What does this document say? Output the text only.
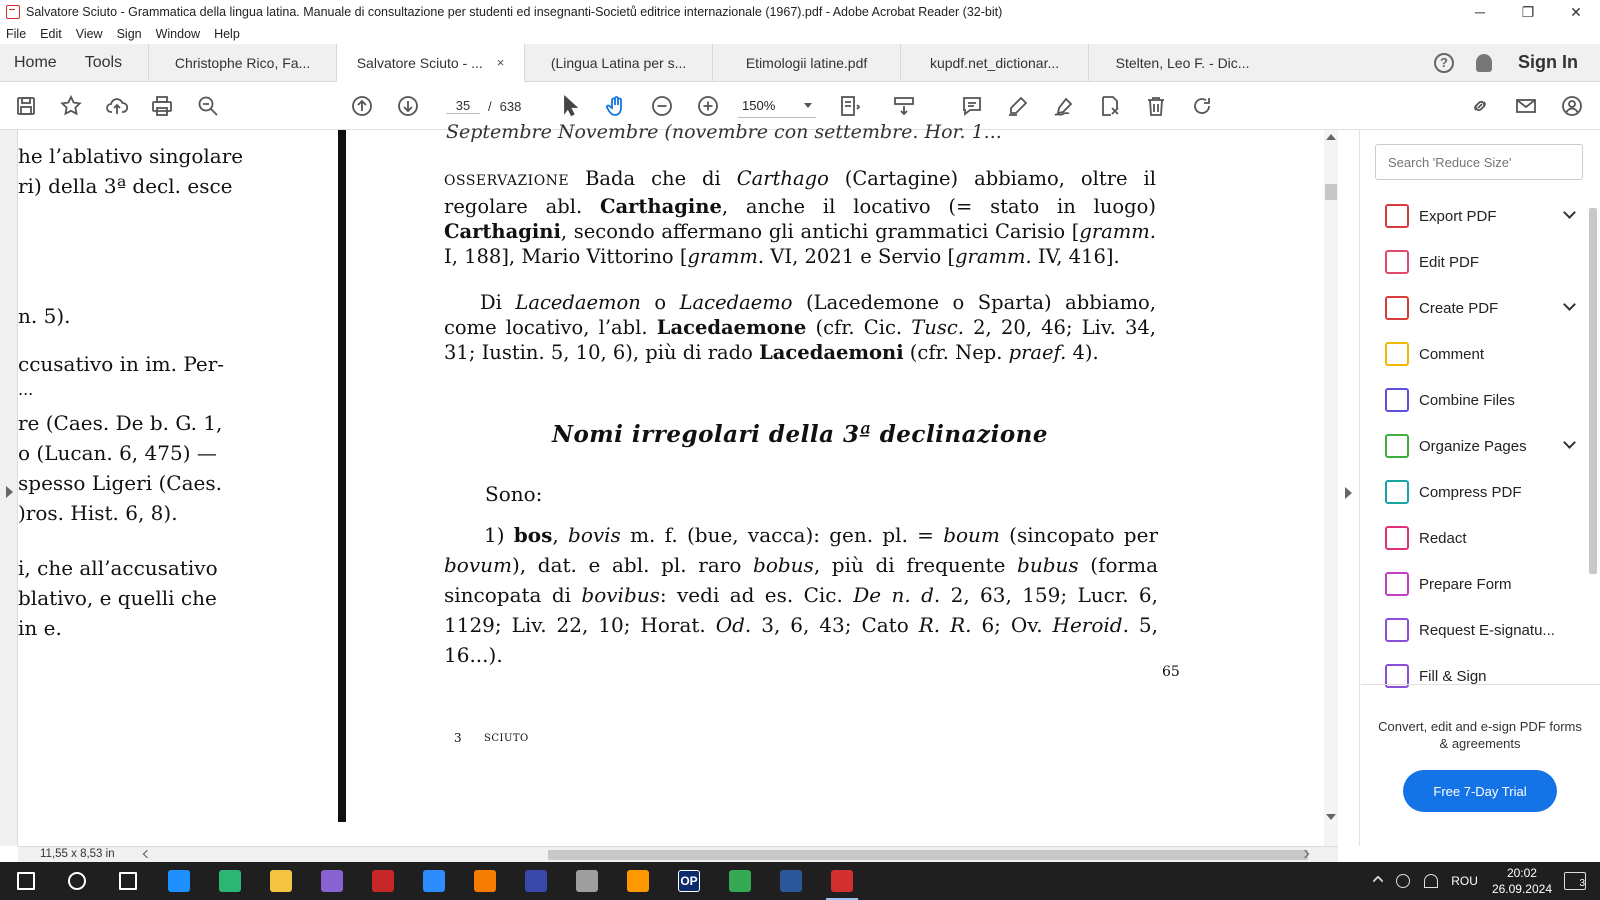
Salvatore Sciuto - Grammatica della lingua latina. Manuale di consultazione per studenti ed insegnanti-Societů editrice internazionale (1967).pdf - Adobe Acrobat Reader (32-bit)	─	❐	✕
File Edit View Sign Window Help
Home	Tools	Christophe Rico, Fa...	Salvatore Sciuto - ... ×	(Lingua Latina per s...	Etimologii latine.pdf	kupdf.net_dictionar...	Stelten, Leo F. - Dic...	?	Sign In
35	/ 638	150%
he l’ablativo singolare
ri) della 3ª decl. esce
n. 5).
ccusativo in im. Per-
...
re (Caes. De b. G. 1,
o (Lucan. 6, 475) —
spesso Ligeri (Caes.
)ros. Hist. 6, 8).
i, che all’accusativo
blativo, e quelli che
in e.
Septembre Novembre (novembre con settembre. Hor. 1...
OSSERVAZIONE Bada che di Carthago (Cartagine) abbiamo, oltre il regolare abl. Carthagine, anche il locativo (= stato in luogo) Carthagini, secondo affermano gli antichi grammatici Carisio [gramm. I, 188], Mario Vittorino [gramm. VI, 2021 e Servio [gramm. IV, 416].
Di Lacedaemon o Lacedaemo (Lacedemone o Sparta) abbiamo, come locativo, l’abl. Lacedaemone (cfr. Cic. Tusc. 2, 20, 46; Liv. 34, 31; Iustin. 5, 10, 6), più di rado Lacedaemoni (cfr. Nep. praef. 4).
Nomi irregolari della 3ª declinazione
Sono:
1) bos, bovis m. f. (bue, vacca): gen. pl. = boum (sincopato per bovum), dat. e abl. pl. raro bobus, più di frequente bubus (forma sincopata di bovibus: vedi ad es. Cic. De n. d. 2, 63, 159; Lucr. 6, 1129; Liv. 22, 10; Horat. Od. 3, 6, 43; Cato R. R. 6; Ov. Heroid. 5, 16...).
65
3 SCIUTO
Search 'Reduce Size'
Export PDF
Edit PDF
Create PDF
Comment
Combine Files
Organize Pages
Compress PDF
Redact
Prepare Form
Request E-signatu...
Fill & Sign
Convert, edit and e-sign PDF forms & agreements
Free 7-Day Trial
11,55 x 8,53 in
OP	ROU
20:02
26.09.2024	3
